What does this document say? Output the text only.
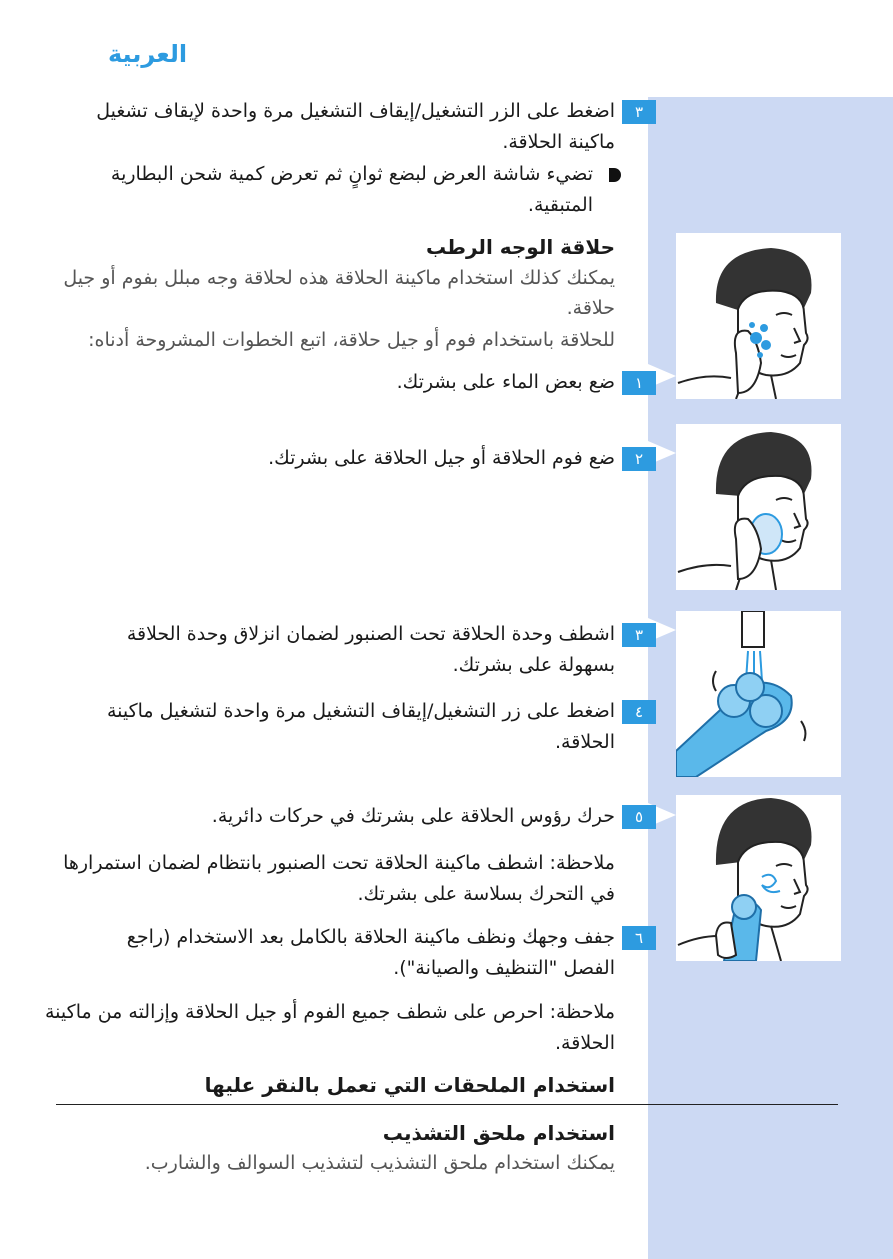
العربية
٣
اضغط على الزر التشغيل/إيقاف التشغيل مرة واحدة لإيقاف تشغيل ماكينة الحلاقة.
تضيء شاشة العرض لبضع ثوانٍ ثم تعرض كمية شحن البطارية المتبقية.
حلاقة الوجه الرطب
يمكنك كذلك استخدام ماكينة الحلاقة هذه لحلاقة وجه مبلل بفوم أو جيل حلاقة.
للحلاقة باستخدام فوم أو جيل حلاقة، اتبع الخطوات المشروحة أدناه:
١
ضع بعض الماء على بشرتك.
٢
ضع فوم الحلاقة أو جيل الحلاقة على بشرتك.
٣
اشطف وحدة الحلاقة تحت الصنبور لضمان انزلاق وحدة الحلاقة بسهولة على بشرتك.
٤
اضغط على زر التشغيل/إيقاف التشغيل مرة واحدة لتشغيل ماكينة الحلاقة.
٥
حرك رؤوس الحلاقة على بشرتك في حركات دائرية.
ملاحظة: اشطف ماكينة الحلاقة تحت الصنبور بانتظام لضمان استمرارها في التحرك بسلاسة على بشرتك.
٦
جفف وجهك ونظف ماكينة الحلاقة بالكامل بعد الاستخدام (راجع الفصل "التنظيف والصيانة").
ملاحظة: احرص على شطف جميع الفوم أو جيل الحلاقة وإزالته من ماكينة الحلاقة.
استخدام الملحقات التي تعمل بالنقر عليها
استخدام ملحق التشذيب
يمكنك استخدام ملحق التشذيب لتشذيب السوالف والشارب.
